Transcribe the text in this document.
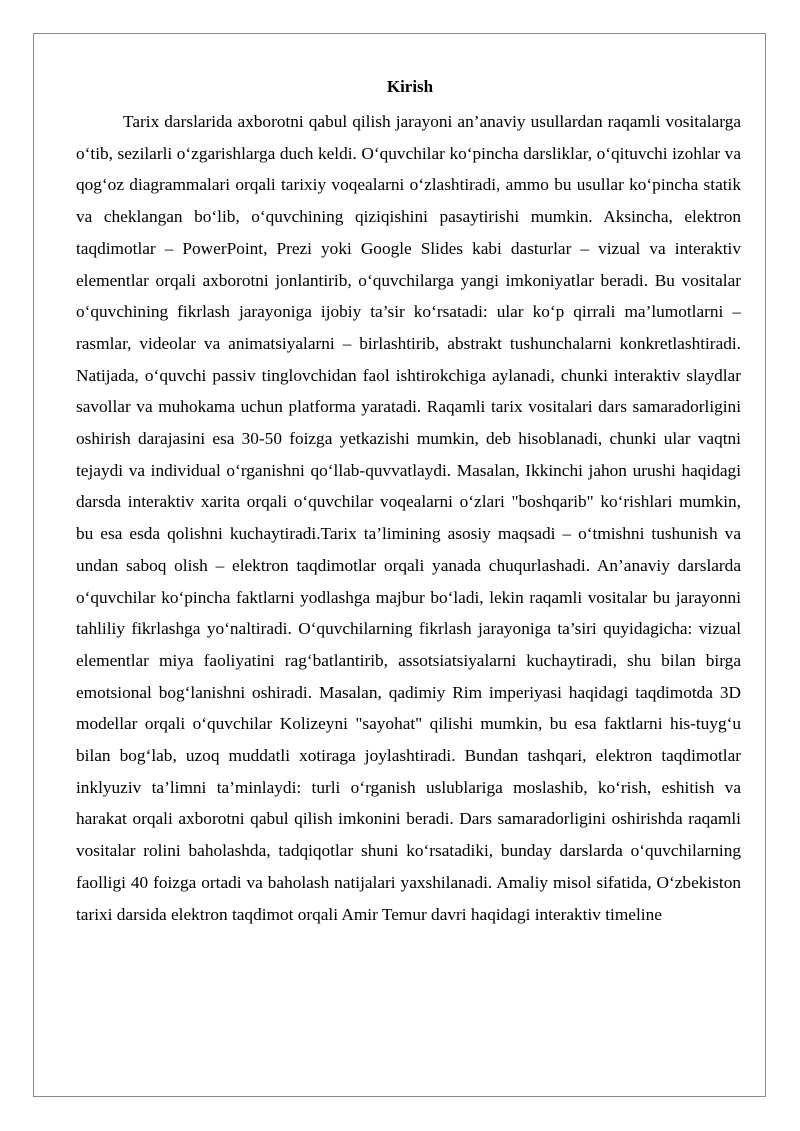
Kirish

Tarix darslarida axborotni qabul qilish jarayoni an’anaviy usullardan raqamli vositalarga o‘tib, sezilarli o‘zgarishlarga duch keldi. O‘quvchilar ko‘pincha darsliklar, o‘qituvchi izohlar va qog‘oz diagrammalari orqali tarixiy voqealarni o‘zlashtiradi, ammo bu usullar ko‘pincha statik va cheklangan bo‘lib, o‘quvchining qiziqishini pasaytirishi mumkin. Aksincha, elektron taqdimotlar – PowerPoint, Prezi yoki Google Slides kabi dasturlar – vizual va interaktiv elementlar orqali axborotni jonlantirib, o‘quvchilarga yangi imkoniyatlar beradi. Bu vositalar o‘quvchining fikrlash jarayoniga ijobiy ta’sir ko‘rsatadi: ular ko‘p qirrali ma’lumotlarni – rasmlar, videolar va animatsiyalarni – birlashtirib, abstrakt tushunchalarni konkretlashtiradi. Natijada, o‘quvchi passiv tinglovchidan faol ishtirokchiga aylanadi, chunki interaktiv slaydlar savollar va muhokama uchun platforma yaratadi. Raqamli tarix vositalari dars samaradorligini oshirish darajasini esa 30-50 foizga yetkazishi mumkin, deb hisoblanadi, chunki ular vaqtni tejaydi va individual o‘rganishni qo‘llab-quvvatlaydi. Masalan, Ikkinchi jahon urushi haqidagi darsda interaktiv xarita orqali o‘quvchilar voqealarni o‘zlari "boshqarib" ko‘rishlari mumkin, bu esa esda qolishni kuchaytiradi.Tarix ta’limining asosiy maqsadi – o‘tmishni tushunish va undan saboq olish – elektron taqdimotlar orqali yanada chuqurlashadi. An’anaviy darslarda o‘quvchilar ko‘pincha faktlarni yodlashga majbur bo‘ladi, lekin raqamli vositalar bu jarayonni tahliliy fikrlashga yo‘naltiradi. O‘quvchilarning fikrlash jarayoniga ta’siri quyidagicha: vizual elementlar miya faoliyatini rag‘batlantirib, assotsiatsiyalarni kuchaytiradi, shu bilan birga emotsional bog‘lanishni oshiradi. Masalan, qadimiy Rim imperiyasi haqidagi taqdimotda 3D modellar orqali o‘quvchilar Kolizeyni "sayohat" qilishi mumkin, bu esa faktlarni his-tuyg‘u bilan bog‘lab, uzoq muddatli xotiraga joylashtiradi. Bundan tashqari, elektron taqdimotlar inklyuziv ta’limni ta’minlaydi: turli o‘rganish uslublariga moslashib, ko‘rish, eshitish va harakat orqali axborotni qabul qilish imkonini beradi. Dars samaradorligini oshirishda raqamli vositalar rolini baholashda, tadqiqotlar shuni ko‘rsatadiki, bunday darslarda o‘quvchilarning faolligi 40 foizga ortadi va baholash natijalari yaxshilanadi. Amaliy misol sifatida, O‘zbekiston tarixi darsida elektron taqdimot orqali Amir Temur davri haqidagi interaktiv timeline
